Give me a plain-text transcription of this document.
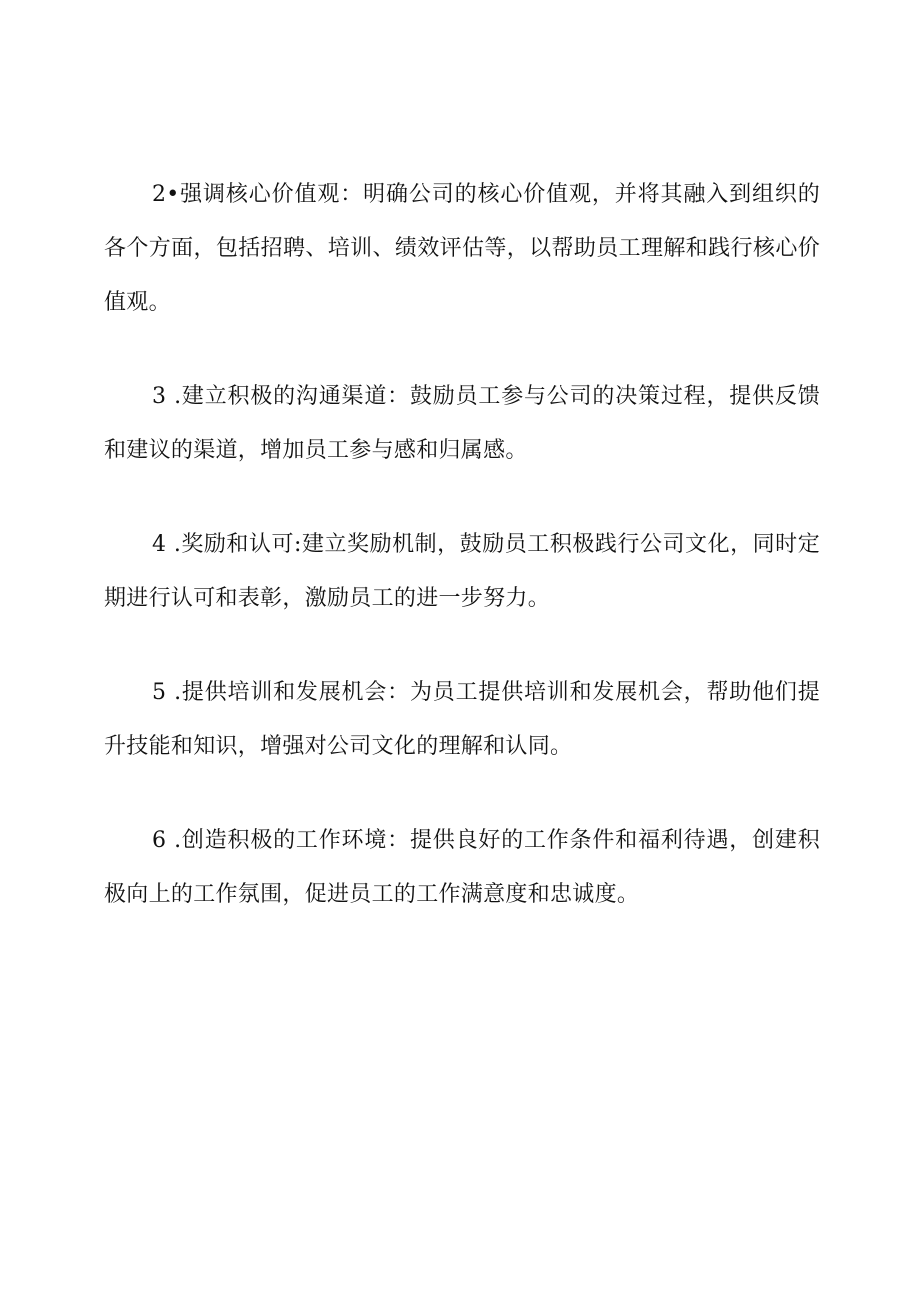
2•强调核心价值观：明确公司的核心价值观，并将其融入到组织的各个方面，包括招聘、培训、绩效评估等，以帮助员工理解和践行核心价值观。

3 .建立积极的沟通渠道：鼓励员工参与公司的决策过程，提供反馈和建议的渠道，增加员工参与感和归属感。

4 .奖励和认可:建立奖励机制，鼓励员工积极践行公司文化，同时定期进行认可和表彰，激励员工的进一步努力。

5 .提供培训和发展机会：为员工提供培训和发展机会，帮助他们提升技能和知识，增强对公司文化的理解和认同。

6 .创造积极的工作环境：提供良好的工作条件和福利待遇，创建积极向上的工作氛围，促进员工的工作满意度和忠诚度。
